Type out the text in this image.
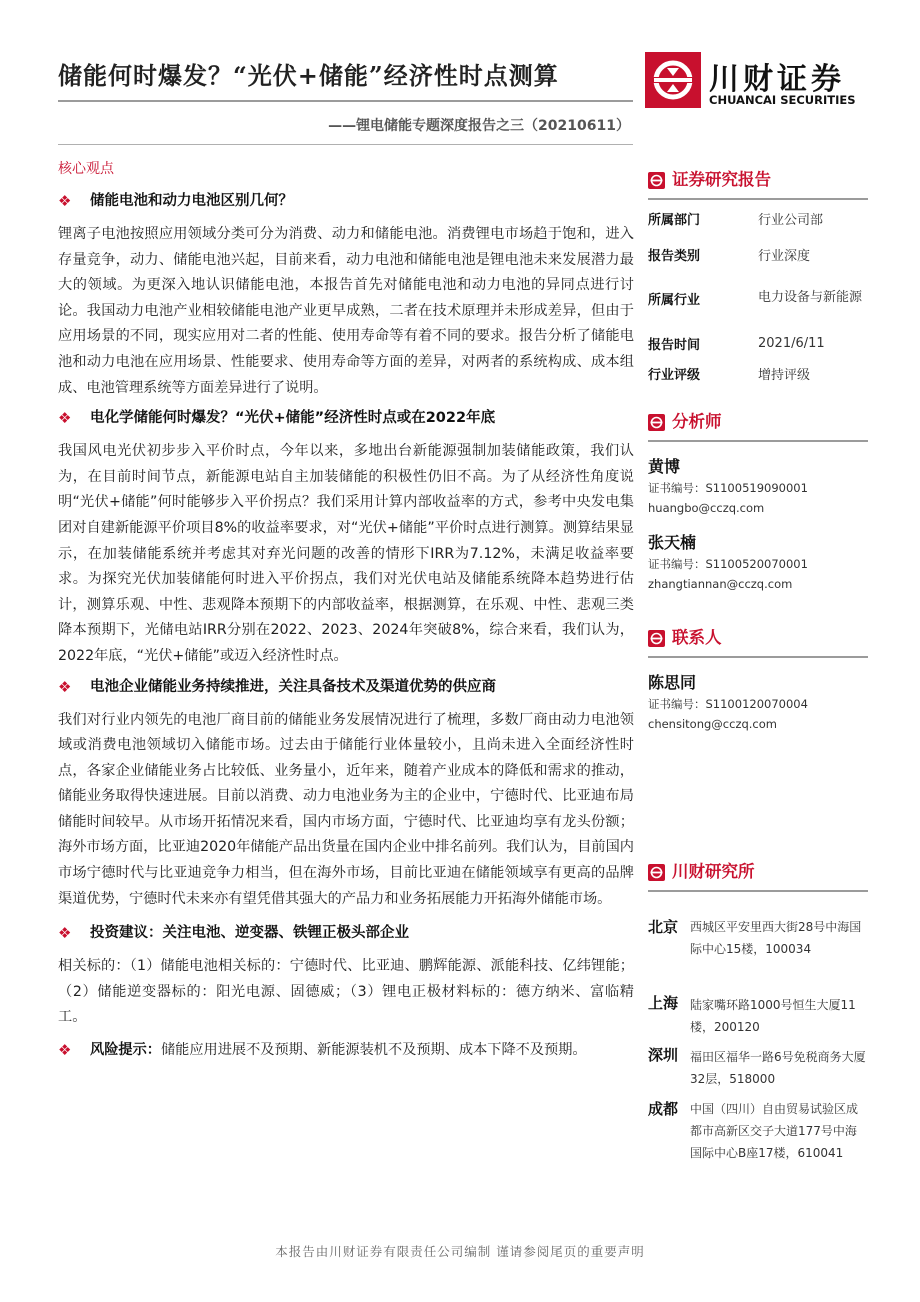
储能何时爆发？“光伏+储能”经济性时点测算
——锂电储能专题深度报告之三（20210611）
川财证券
CHUANCAI SECURITIES
核心观点
❖ 储能电池和动力电池区别几何？
锂离子电池按照应用领域分类可分为消费、动力和储能电池。消费锂电市场趋于饱和，进入存量竞争，动力、储能电池兴起，目前来看，动力电池和储能电池是锂电池未来发展潜力最大的领域。为更深入地认识储能电池，本报告首先对储能电池和动力电池的异同点进行讨论。我国动力电池产业相较储能电池产业更早成熟，二者在技术原理并未形成差异，但由于应用场景的不同，现实应用对二者的性能、使用寿命等有着不同的要求。报告分析了储能电池和动力电池在应用场景、性能要求、使用寿命等方面的差异，对两者的系统构成、成本组成、电池管理系统等方面差异进行了说明。
❖ 电化学储能何时爆发？“光伏+储能”经济性时点或在2022年底
我国风电光伏初步步入平价时点，今年以来，多地出台新能源强制加装储能政策，我们认为，在目前时间节点，新能源电站自主加装储能的积极性仍旧不高。为了从经济性角度说明“光伏+储能”何时能够步入平价拐点？我们采用计算内部收益率的方式，参考中央发电集团对自建新能源平价项目8%的收益率要求，对“光伏+储能”平价时点进行测算。测算结果显示，在加装储能系统并考虑其对弃光问题的改善的情形下IRR为7.12%，未满足收益率要求。为探究光伏加装储能何时进入平价拐点，我们对光伏电站及储能系统降本趋势进行估计，测算乐观、中性、悲观降本预期下的内部收益率，根据测算，在乐观、中性、悲观三类降本预期下，光储电站IRR分别在2022、2023、2024年突破8%，综合来看，我们认为，2022年底，“光伏+储能”或迈入经济性时点。
❖ 电池企业储能业务持续推进，关注具备技术及渠道优势的供应商
我们对行业内领先的电池厂商目前的储能业务发展情况进行了梳理，多数厂商由动力电池领域或消费电池领域切入储能市场。过去由于储能行业体量较小，且尚未进入全面经济性时点，各家企业储能业务占比较低、业务量小，近年来，随着产业成本的降低和需求的推动，储能业务取得快速进展。目前以消费、动力电池业务为主的企业中，宁德时代、比亚迪布局储能时间较早。从市场开拓情况来看，国内市场方面，宁德时代、比亚迪均享有龙头份额；海外市场方面，比亚迪2020年储能产品出货量在国内企业中排名前列。我们认为，目前国内市场宁德时代与比亚迪竞争力相当，但在海外市场，目前比亚迪在储能领域享有更高的品牌渠道优势，宁德时代未来亦有望凭借其强大的产品力和业务拓展能力开拓海外储能市场。
❖ 投资建议：关注电池、逆变器、铁锂正极头部企业
相关标的：（1）储能电池相关标的：宁德时代、比亚迪、鹏辉能源、派能科技、亿纬锂能；（2）储能逆变器标的：阳光电源、固德威；（3）锂电正极材料标的：德方纳米、富临精工。
❖ 风险提示：储能应用进展不及预期、新能源装机不及预期、成本下降不及预期。
证券研究报告
所属部门	行业公司部
报告类别	行业深度
所属行业	电力设备与新能源
报告时间	2021/6/11
行业评级	增持评级
分析师
黄博
证书编号：S1100519090001
huangbo@cczq.com
张天楠
证书编号：S1100520070001
zhangtiannan@cczq.com
联系人
陈思同
证书编号：S1100120070004
chensitong@cczq.com
川财研究所
北京 西城区平安里西大街28号中海国际中心15楼，100034
上海 陆家嘴环路1000号恒生大厦11楼，200120
深圳 福田区福华一路6号免税商务大厦32层，518000
成都 中国（四川）自由贸易试验区成都市高新区交子大道177号中海国际中心B座17楼，610041
本报告由川财证券有限责任公司编制 谨请参阅尾页的重要声明
